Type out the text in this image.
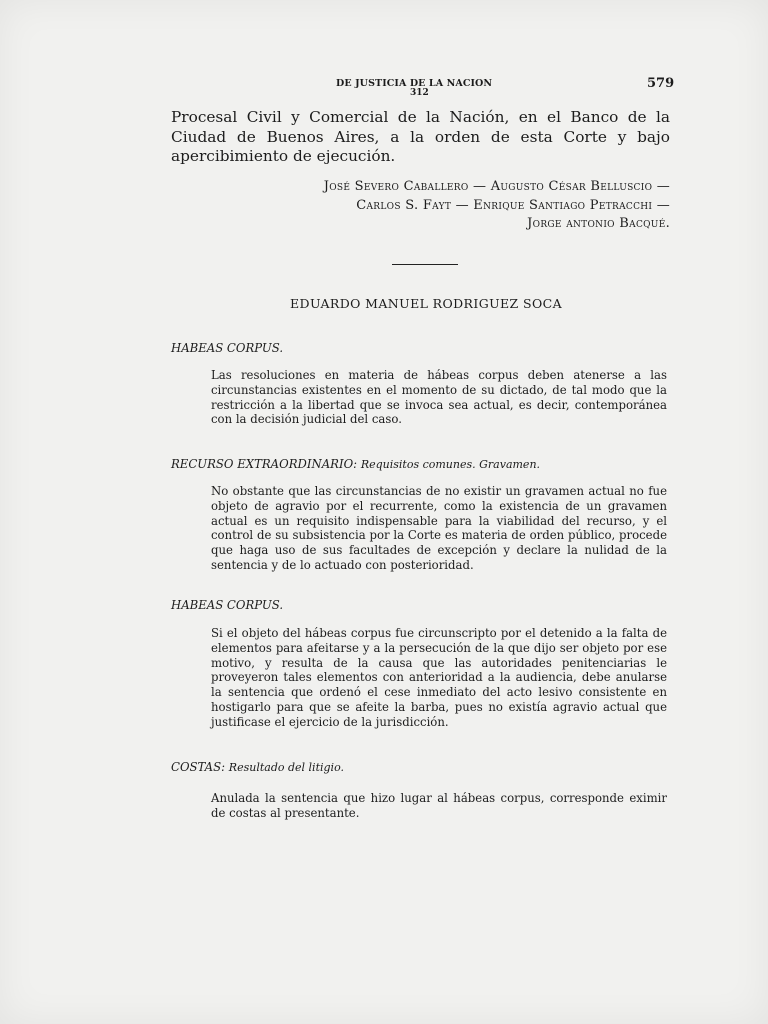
DE JUSTICIA DE LA NACION
312
579
Procesal Civil y Comercial de la Nación, en el Banco de la Ciudad de Buenos Aires, a la orden de esta Corte y bajo apercibimiento de ejecución.
José Severo Caballero — Augusto César Belluscio —
Carlos S. Fayt — Enrique Santiago Petracchi —
Jorge antonio Bacqué.
EDUARDO MANUEL RODRIGUEZ SOCA
HABEAS CORPUS.
Las resoluciones en materia de hábeas corpus deben atenerse a las circunstancias existentes en el momento de su dictado, de tal modo que la restricción a la libertad que se invoca sea actual, es decir, contemporánea con la decisión judicial del caso.
RECURSO EXTRAORDINARIO: Requisitos comunes. Gravamen.
No obstante que las circunstancias de no existir un gravamen actual no fue objeto de agravio por el recurrente, como la existencia de un gravamen actual es un requisito indispensable para la viabilidad del recurso, y el control de su subsistencia por la Corte es materia de orden público, procede que haga uso de sus facultades de excepción y declare la nulidad de la sentencia y de lo actuado con posterioridad.
HABEAS CORPUS.
Si el objeto del hábeas corpus fue circunscripto por el detenido a la falta de elementos para afeitarse y a la persecución de la que dijo ser objeto por ese motivo, y resulta de la causa que las autoridades penitenciarias le proveyeron tales elementos con anterioridad a la audiencia, debe anularse la sentencia que ordenó el cese inmediato del acto lesivo consistente en hostigarlo para que se afeite la barba, pues no existía agravio actual que justificase el ejercicio de la jurisdicción.
COSTAS: Resultado del litigio.
Anulada la sentencia que hizo lugar al hábeas corpus, corresponde eximir de costas al presentante.
